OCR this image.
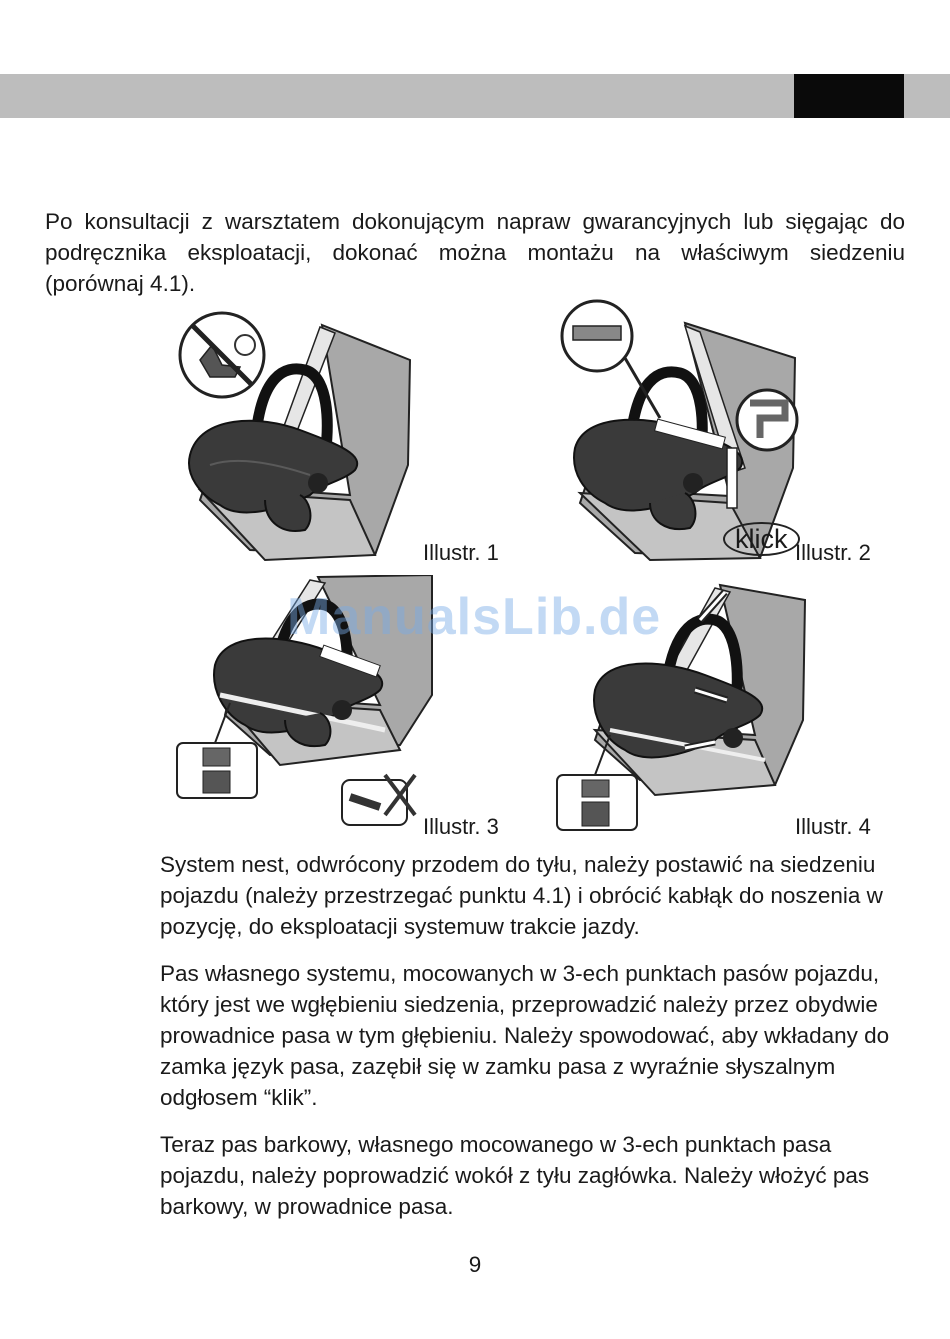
Po konsultacji z warsztatem dokonującym napraw gwarancyjnych lub sięgając do podręcznika eksploatacji, dokonać można montażu na właściwym siedzeniu (porównaj 4.1).

Illustr. 1	klick Illustr. 2
Illustr. 3	Illustr. 4
ManualsLib.de

System nest, odwrócony przodem do tyłu, należy postawić na siedzeniu pojazdu (należy przestrzegać punktu 4.1) i obrócić kabłąk do noszenia w pozycję, do eksploatacji systemuw trakcie jazdy.

Pas własnego systemu, mocowanych w 3-ech punktach pasów pojazdu, który jest we wgłębieniu siedzenia, przeprowadzić należy przez obydwie prowadnice pasa w tym głębieniu. Należy spowodować, aby wkładany do zamka język pasa, zazębił się w zamku pasa z wyraźnie słyszalnym odgłosem “klik”.

Teraz pas barkowy, własnego mocowanego w 3-ech punktach pasa pojazdu, należy poprowadzić wokół z tyłu zagłówka. Należy włożyć pas barkowy, w prowadnice pasa.

9
